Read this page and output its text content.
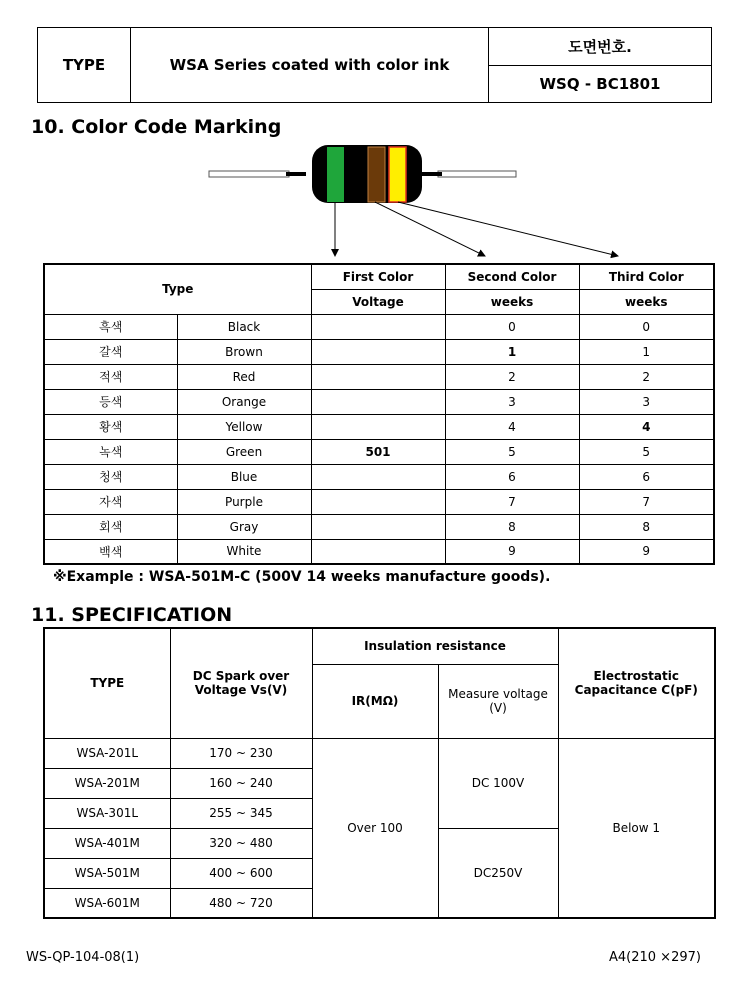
TYPE	WSA Series coated with color ink
도면번호.
WSQ - BC1801
10. Color Code Marking
Type		First Color	Second Color	Third Color
		Voltage	weeks	weeks
흑색	Black		0	0
갈색	Brown		1	1
적색	Red		2	2
등색	Orange		3	3
황색	Yellow		4	4
녹색	Green	501	5	5
청색	Blue		6	6
자색	Purple		7	7
회색	Gray		8	8
백색	White		9	9
※Example : WSA-501M-C (500V 14 weeks manufacture goods).
11. SPECIFICATION
TYPE	DC Spark over Voltage Vs(V)	Insulation resistance		Electrostatic Capacitance C(pF)
		IR(MΩ)	Measure voltage (V)	
WSA-201L	170 ~ 230	Over 100	DC 100V	Below 1
WSA-201M	160 ~ 240			
WSA-301L	255 ~ 345			
WSA-401M	320 ~ 480		DC250V	
WSA-501M	400 ~ 600			
WSA-601M	480 ~ 720			
WS-QP-104-08(1)	A4(210 ×297)
